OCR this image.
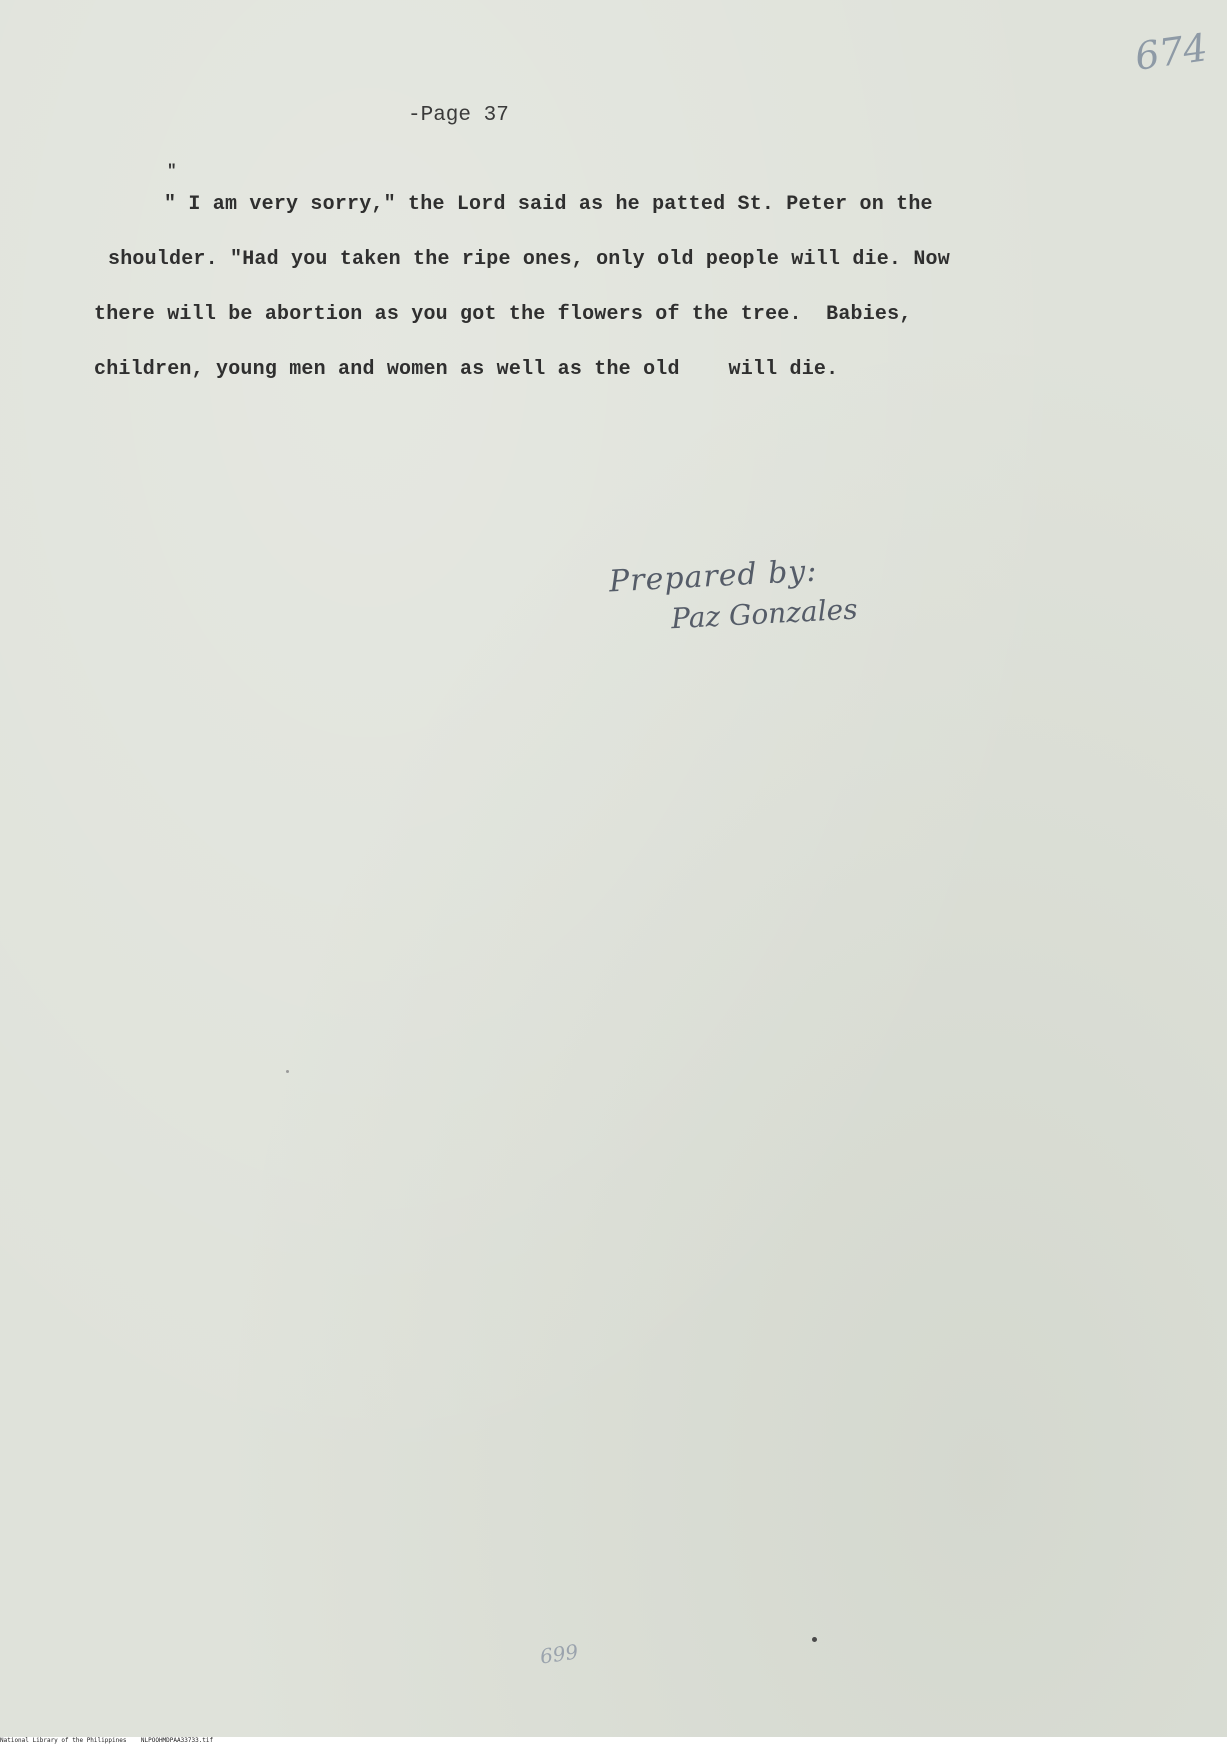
674
-Page 37
"
" I am very sorry," the Lord said as he patted St. Peter on the
shoulder. "Had you taken the ripe ones, only old people will die. Now
there will be abortion as you got the flowers of the tree.  Babies,
children, young men and women as well as the old    will die.
Prepared by:
Paz Gonzales
699
National Library of the Philippines    NLPOOHMDPAA33733.tif
